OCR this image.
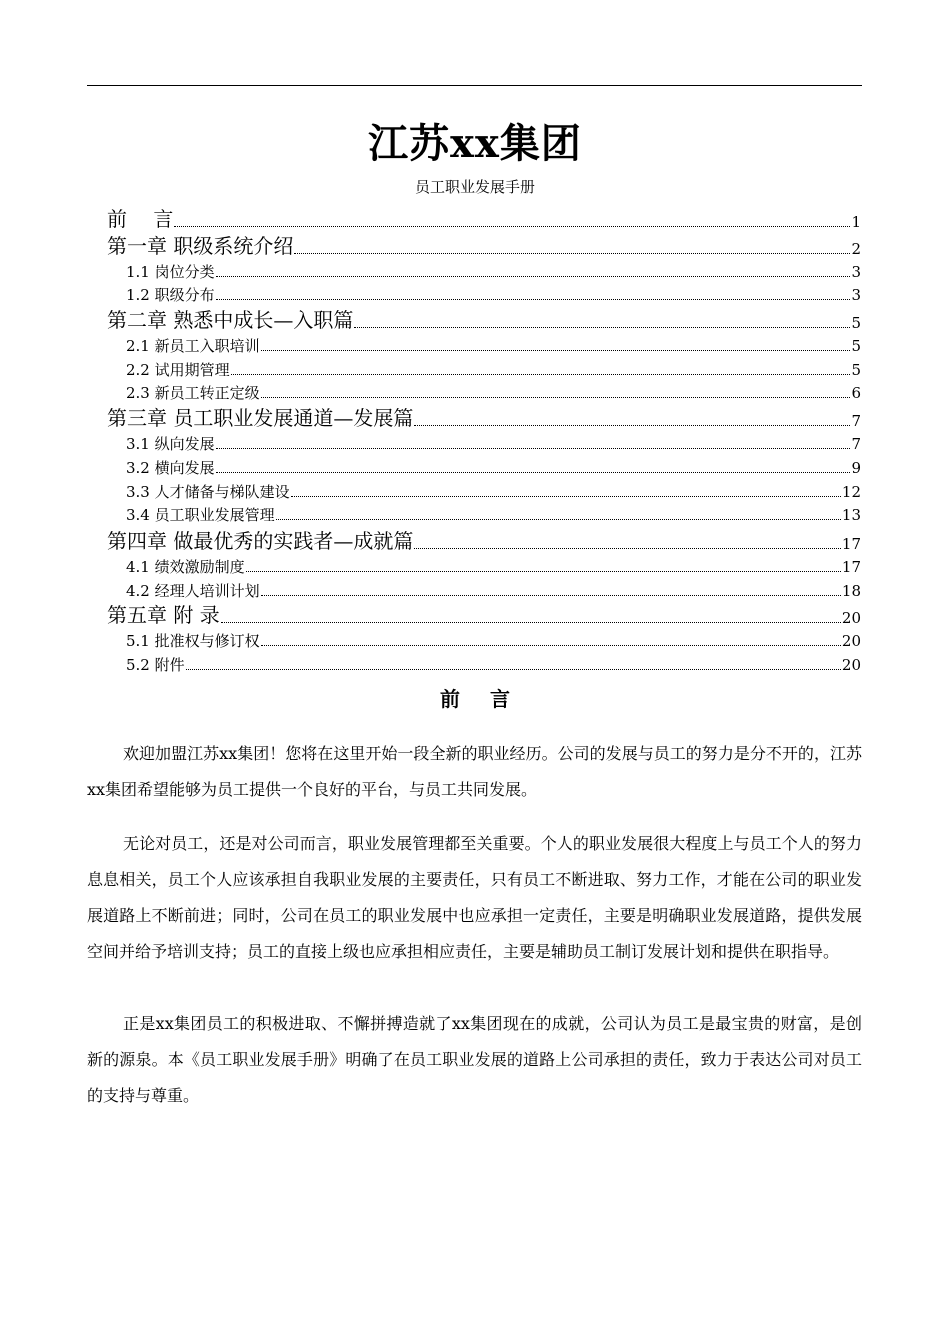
江苏xx集团
员工职业发展手册
前　 言	1
第一章 职级系统介绍	2
1.1 岗位分类	3
1.2 职级分布	3
第二章 熟悉中成长—入职篇	5
2.1 新员工入职培训	5
2.2 试用期管理	5
2.3 新员工转正定级	6
第三章 员工职业发展通道—发展篇	7
3.1 纵向发展	7
3.2 横向发展	9
3.3 人才储备与梯队建设	12
3.4 员工职业发展管理	13
第四章 做最优秀的实践者—成就篇	17
4.1 绩效激励制度	17
4.2 经理人培训计划	18
第五章 附 录	20
5.1 批准权与修订权	20
5.2 附件	20
前言

欢迎加盟江苏xx集团！您将在这里开始一段全新的职业经历。公司的发展与员工的努力是分不开的，江苏xx集团希望能够为员工提供一个良好的平台，与员工共同发展。

无论对员工，还是对公司而言，职业发展管理都至关重要。个人的职业发展很大程度上与员工个人的努力息息相关，员工个人应该承担自我职业发展的主要责任，只有员工不断进取、努力工作，才能在公司的职业发展道路上不断前进；同时，公司在员工的职业发展中也应承担一定责任，主要是明确职业发展道路，提供发展空间并给予培训支持；员工的直接上级也应承担相应责任，主要是辅助员工制订发展计划和提供在职指导。

正是xx集团员工的积极进取、不懈拼搏造就了xx集团现在的成就，公司认为员工是最宝贵的财富，是创新的源泉。本《员工职业发展手册》明确了在员工职业发展的道路上公司承担的责任，致力于表达公司对员工的支持与尊重。
